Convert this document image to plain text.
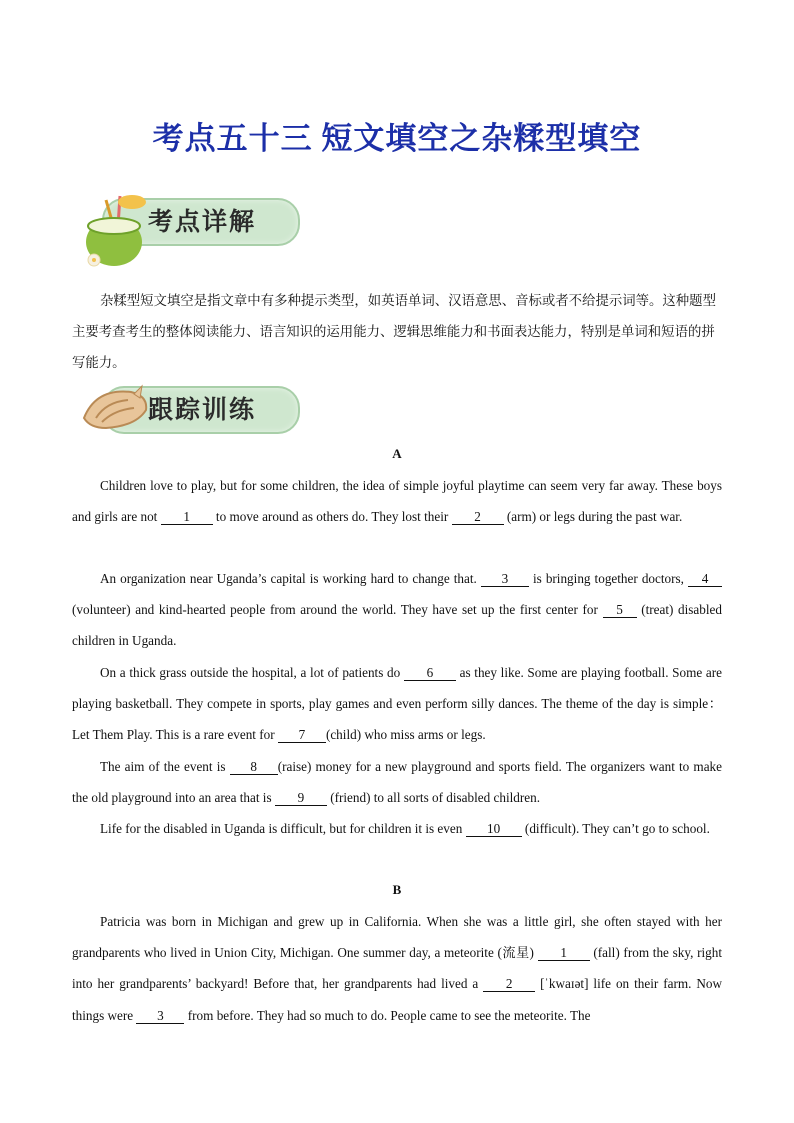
考点五十三 短文填空之杂糅型填空
考点详解
杂糅型短文填空是指文章中有多种提示类型，如英语单词、汉语意思、音标或者不给提示词等。这种题型主要考查考生的整体阅读能力、语言知识的运用能力、逻辑思维能力和书面表达能力，特别是单词和短语的拼写能力。
跟踪训练
A
Children love to play, but for some children, the idea of simple joyful playtime can seem very far away. These boys and girls are not 1 to move around as others do. They lost their 2 (arm) or legs during the past war.
An organization near Uganda’s capital is working hard to change that. 3 is bringing together doctors, 4 (volunteer) and kind-hearted people from around the world. They have set up the first center for 5 (treat) disabled children in Uganda.
On a thick grass outside the hospital, a lot of patients do 6 as they like. Some are playing football. Some are playing basketball. They compete in sports, play games and even perform silly dances. The theme of the day is simple：Let Them Play. This is a rare event for 7 (child) who miss arms or legs.
The aim of the event is 8 (raise) money for a new playground and sports field. The organizers want to make the old playground into an area that is 9 (friend) to all sorts of disabled children.
Life for the disabled in Uganda is difficult, but for children it is even 10 (difficult). They can’t go to school.
B
Patricia was born in Michigan and grew up in California. When she was a little girl, she often stayed with her grandparents who lived in Union City, Michigan. One summer day, a meteorite (流星) 1 (fall) from the sky, right into her grandparents’ backyard! Before that, her grandparents had lived a 2 [ˈkwaɪət] life on their farm. Now things were 3 from before. They had so much to do. People came to see the meteorite. The
